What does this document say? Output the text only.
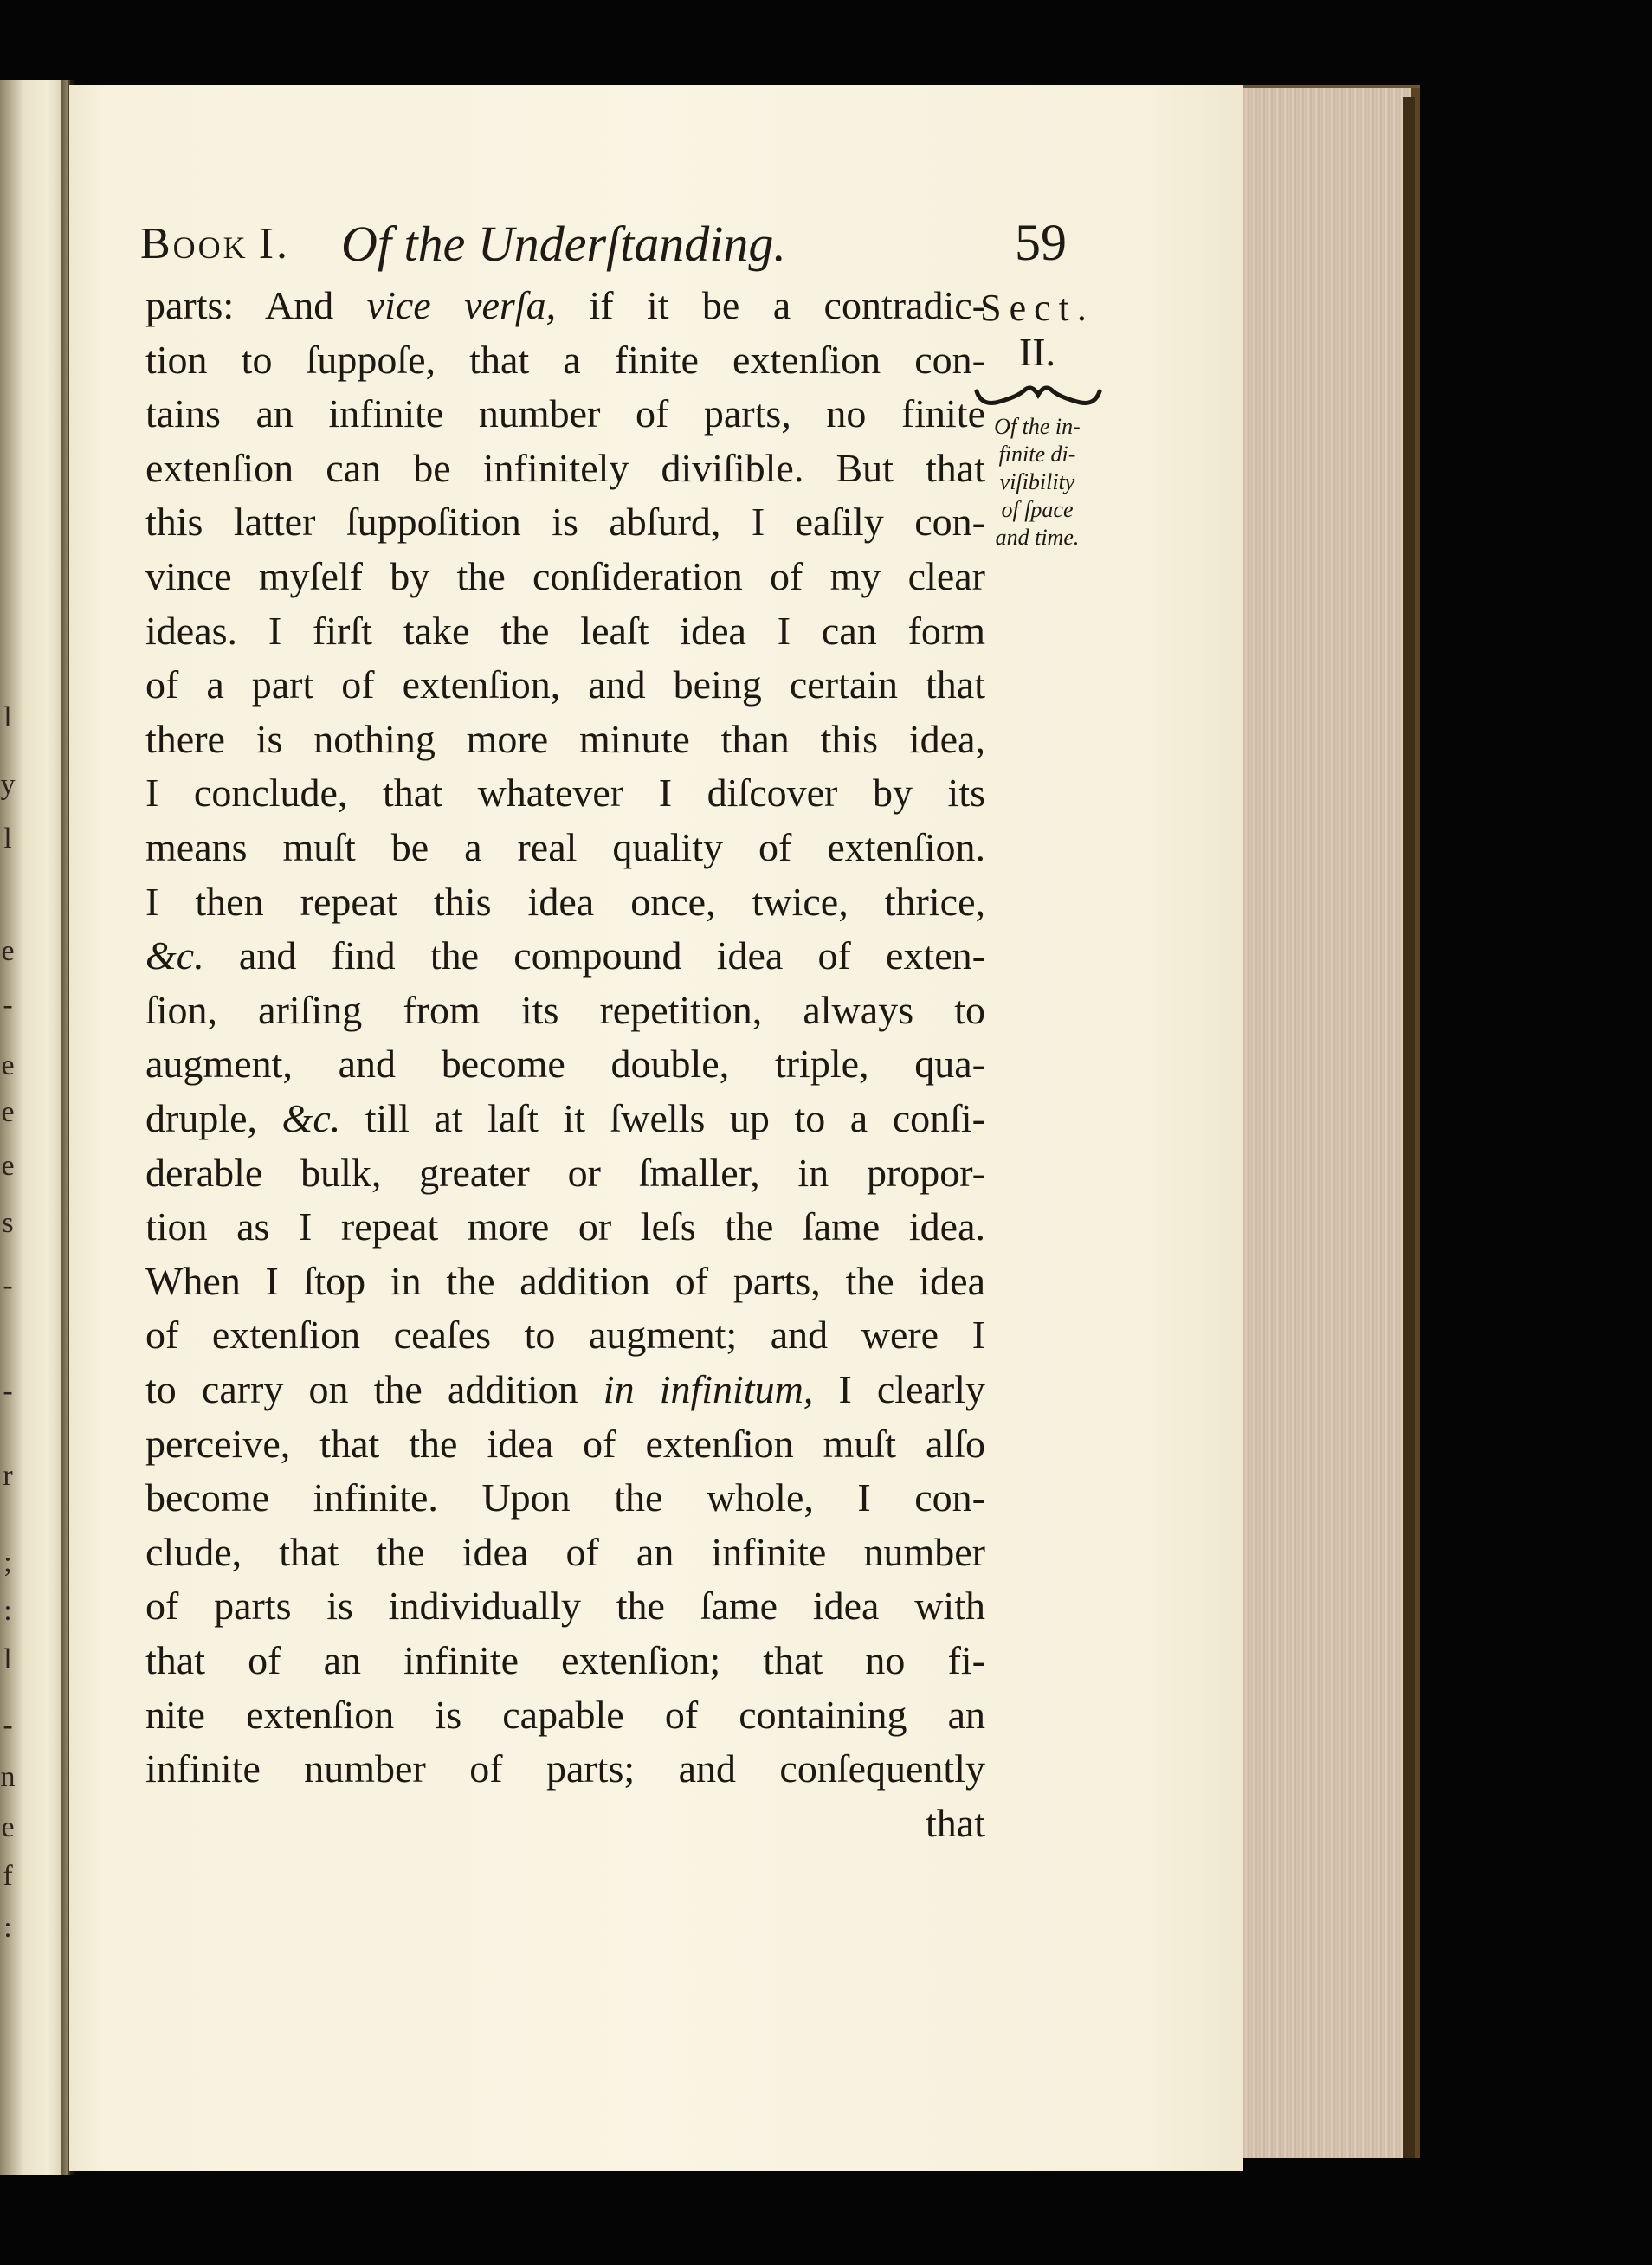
l
y
l
e
-
e
e
e
s
-
-
r
;
:
l
-
n
e
f
:
Book I. Of the Underſtanding.	59
parts: And vice verſa, if it be a contradic-
tion to ſuppoſe, that a finite extenſion con-
tains an infinite number of parts, no finite
extenſion can be infinitely diviſible. But that
this latter ſuppoſition is abſurd, I eaſily con-
vince myſelf by the conſideration of my clear
ideas. I firſt take the leaſt idea I can form
of a part of extenſion, and being certain that
there is nothing more minute than this idea,
I conclude, that whatever I diſcover by its
means muſt be a real quality of extenſion.
I then repeat this idea once, twice, thrice,
&c. and find the compound idea of exten-
ſion, ariſing from its repetition, always to
augment, and become double, triple, qua-
druple, &c. till at laſt it ſwells up to a conſi-
derable bulk, greater or ſmaller, in propor-
tion as I repeat more or leſs the ſame idea.
When I ſtop in the addition of parts, the idea
of extenſion ceaſes to augment; and were I
to carry on the addition in infinitum, I clearly
perceive, that the idea of extenſion muſt alſo
become infinite. Upon the whole, I con-
clude, that the idea of an infinite number
of parts is individually the ſame idea with
that of an infinite extenſion; that no fi-
nite extenſion is capable of containing an
infinite number of parts; and conſequently
that
Sect.
II.
Of the in-
finite di-
viſibility
of ſpace
and time.
